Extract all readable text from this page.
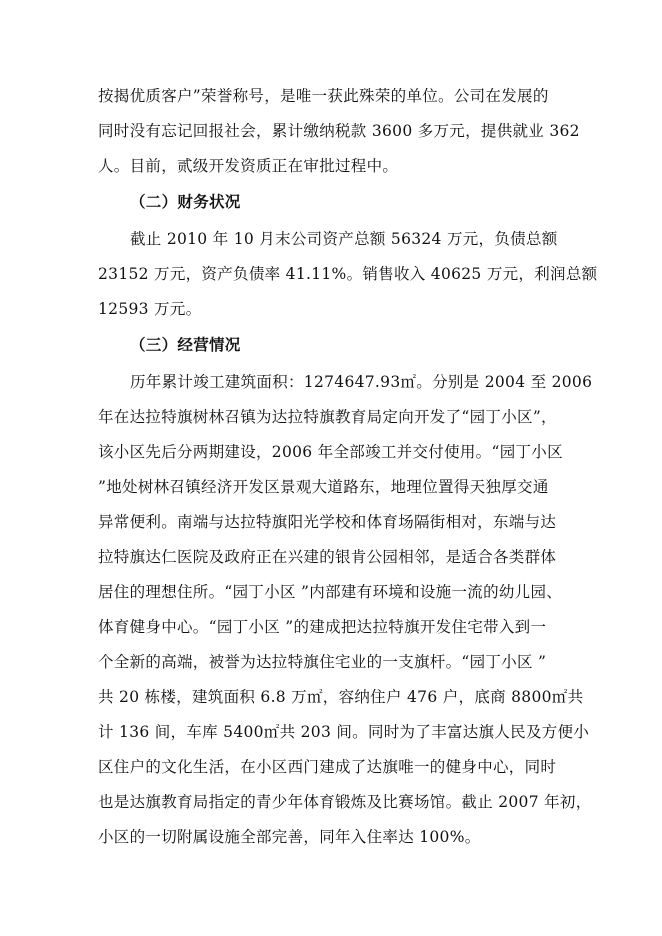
按揭优质客户”荣誉称号，是唯一获此殊荣的单位。公司在发展的
同时没有忘记回报社会，累计缴纳税款 3600 多万元，提供就业 362
人。目前，贰级开发资质正在审批过程中。
（二）财务状况
截止 2010 年 10 月末公司资产总额 56324 万元，负债总额
23152 万元，资产负债率 41.11%。销售收入 40625 万元，利润总额
12593 万元。
（三）经营情况
历年累计竣工建筑面积：1274647.93㎡。分别是 2004 至 2006
年在达拉特旗树林召镇为达拉特旗教育局定向开发了“园丁小区”，
该小区先后分两期建设，2006 年全部竣工并交付使用。“园丁小区
”地处树林召镇经济开发区景观大道路东，地理位置得天独厚交通
异常便利。南端与达拉特旗阳光学校和体育场隔街相对，东端与达
拉特旗达仁医院及政府正在兴建的银肯公园相邻，是适合各类群体
居住的理想住所。“园丁小区 ”内部建有环境和设施一流的幼儿园、
体育健身中心。“园丁小区 ”的建成把达拉特旗开发住宅带入到一
个全新的高端，被誉为达拉特旗住宅业的一支旗杆。“园丁小区 ”
共 20 栋楼，建筑面积 6.8 万㎡，容纳住户 476 户，底商 8800㎡共
计 136 间，车库 5400㎡共 203 间。同时为了丰富达旗人民及方便小
区住户的文化生活，在小区西门建成了达旗唯一的健身中心，同时
也是达旗教育局指定的青少年体育锻炼及比赛场馆。截止 2007 年初，
小区的一切附属设施全部完善，同年入住率达 100%。
